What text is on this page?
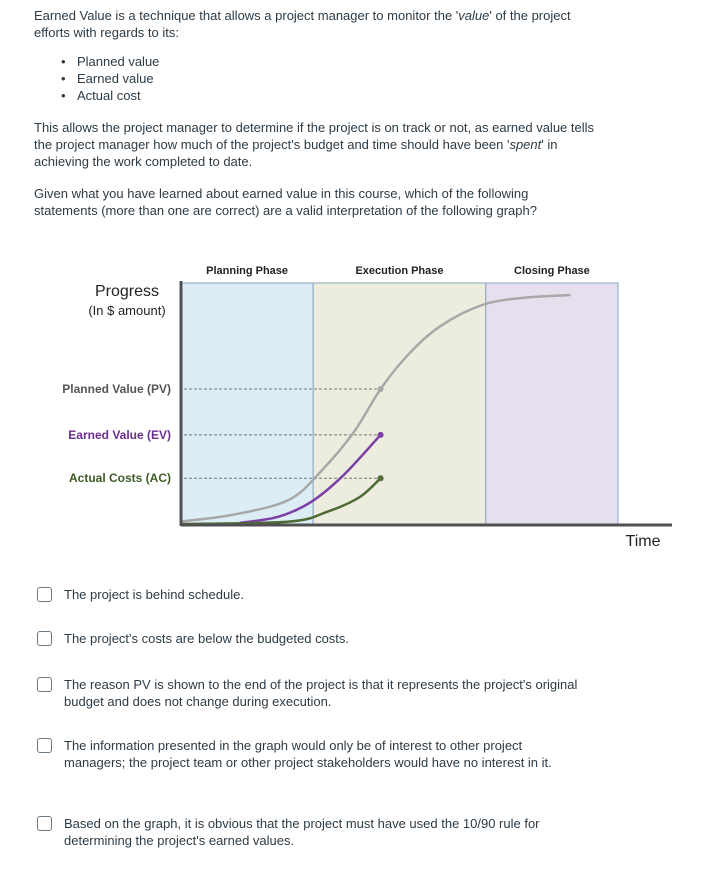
Earned Value is a technique that allows a project manager to monitor the 'value' of the project efforts with regards to its:

• Planned value
• Earned value
• Actual cost

This allows the project manager to determine if the project is on track or not, as earned value tells the project manager how much of the project's budget and time should have been 'spent' in achieving the work completed to date.

Given what you have learned about earned value in this course, which of the following statements (more than one are correct) are a valid interpretation of the following graph?

Planning Phase	Execution Phase	Closing Phase
Progress
(In $ amount)
Planned Value (PV)
Earned Value (EV)
Actual Costs (AC)
Time
The project is behind schedule.
The project's costs are below the budgeted costs.
The reason PV is shown to the end of the project is that it represents the project's original budget and does not change during execution.
The information presented in the graph would only be of interest to other project managers; the project team or other project stakeholders would have no interest in it.
Based on the graph, it is obvious that the project must have used the 10/90 rule for determining the project's earned values.
